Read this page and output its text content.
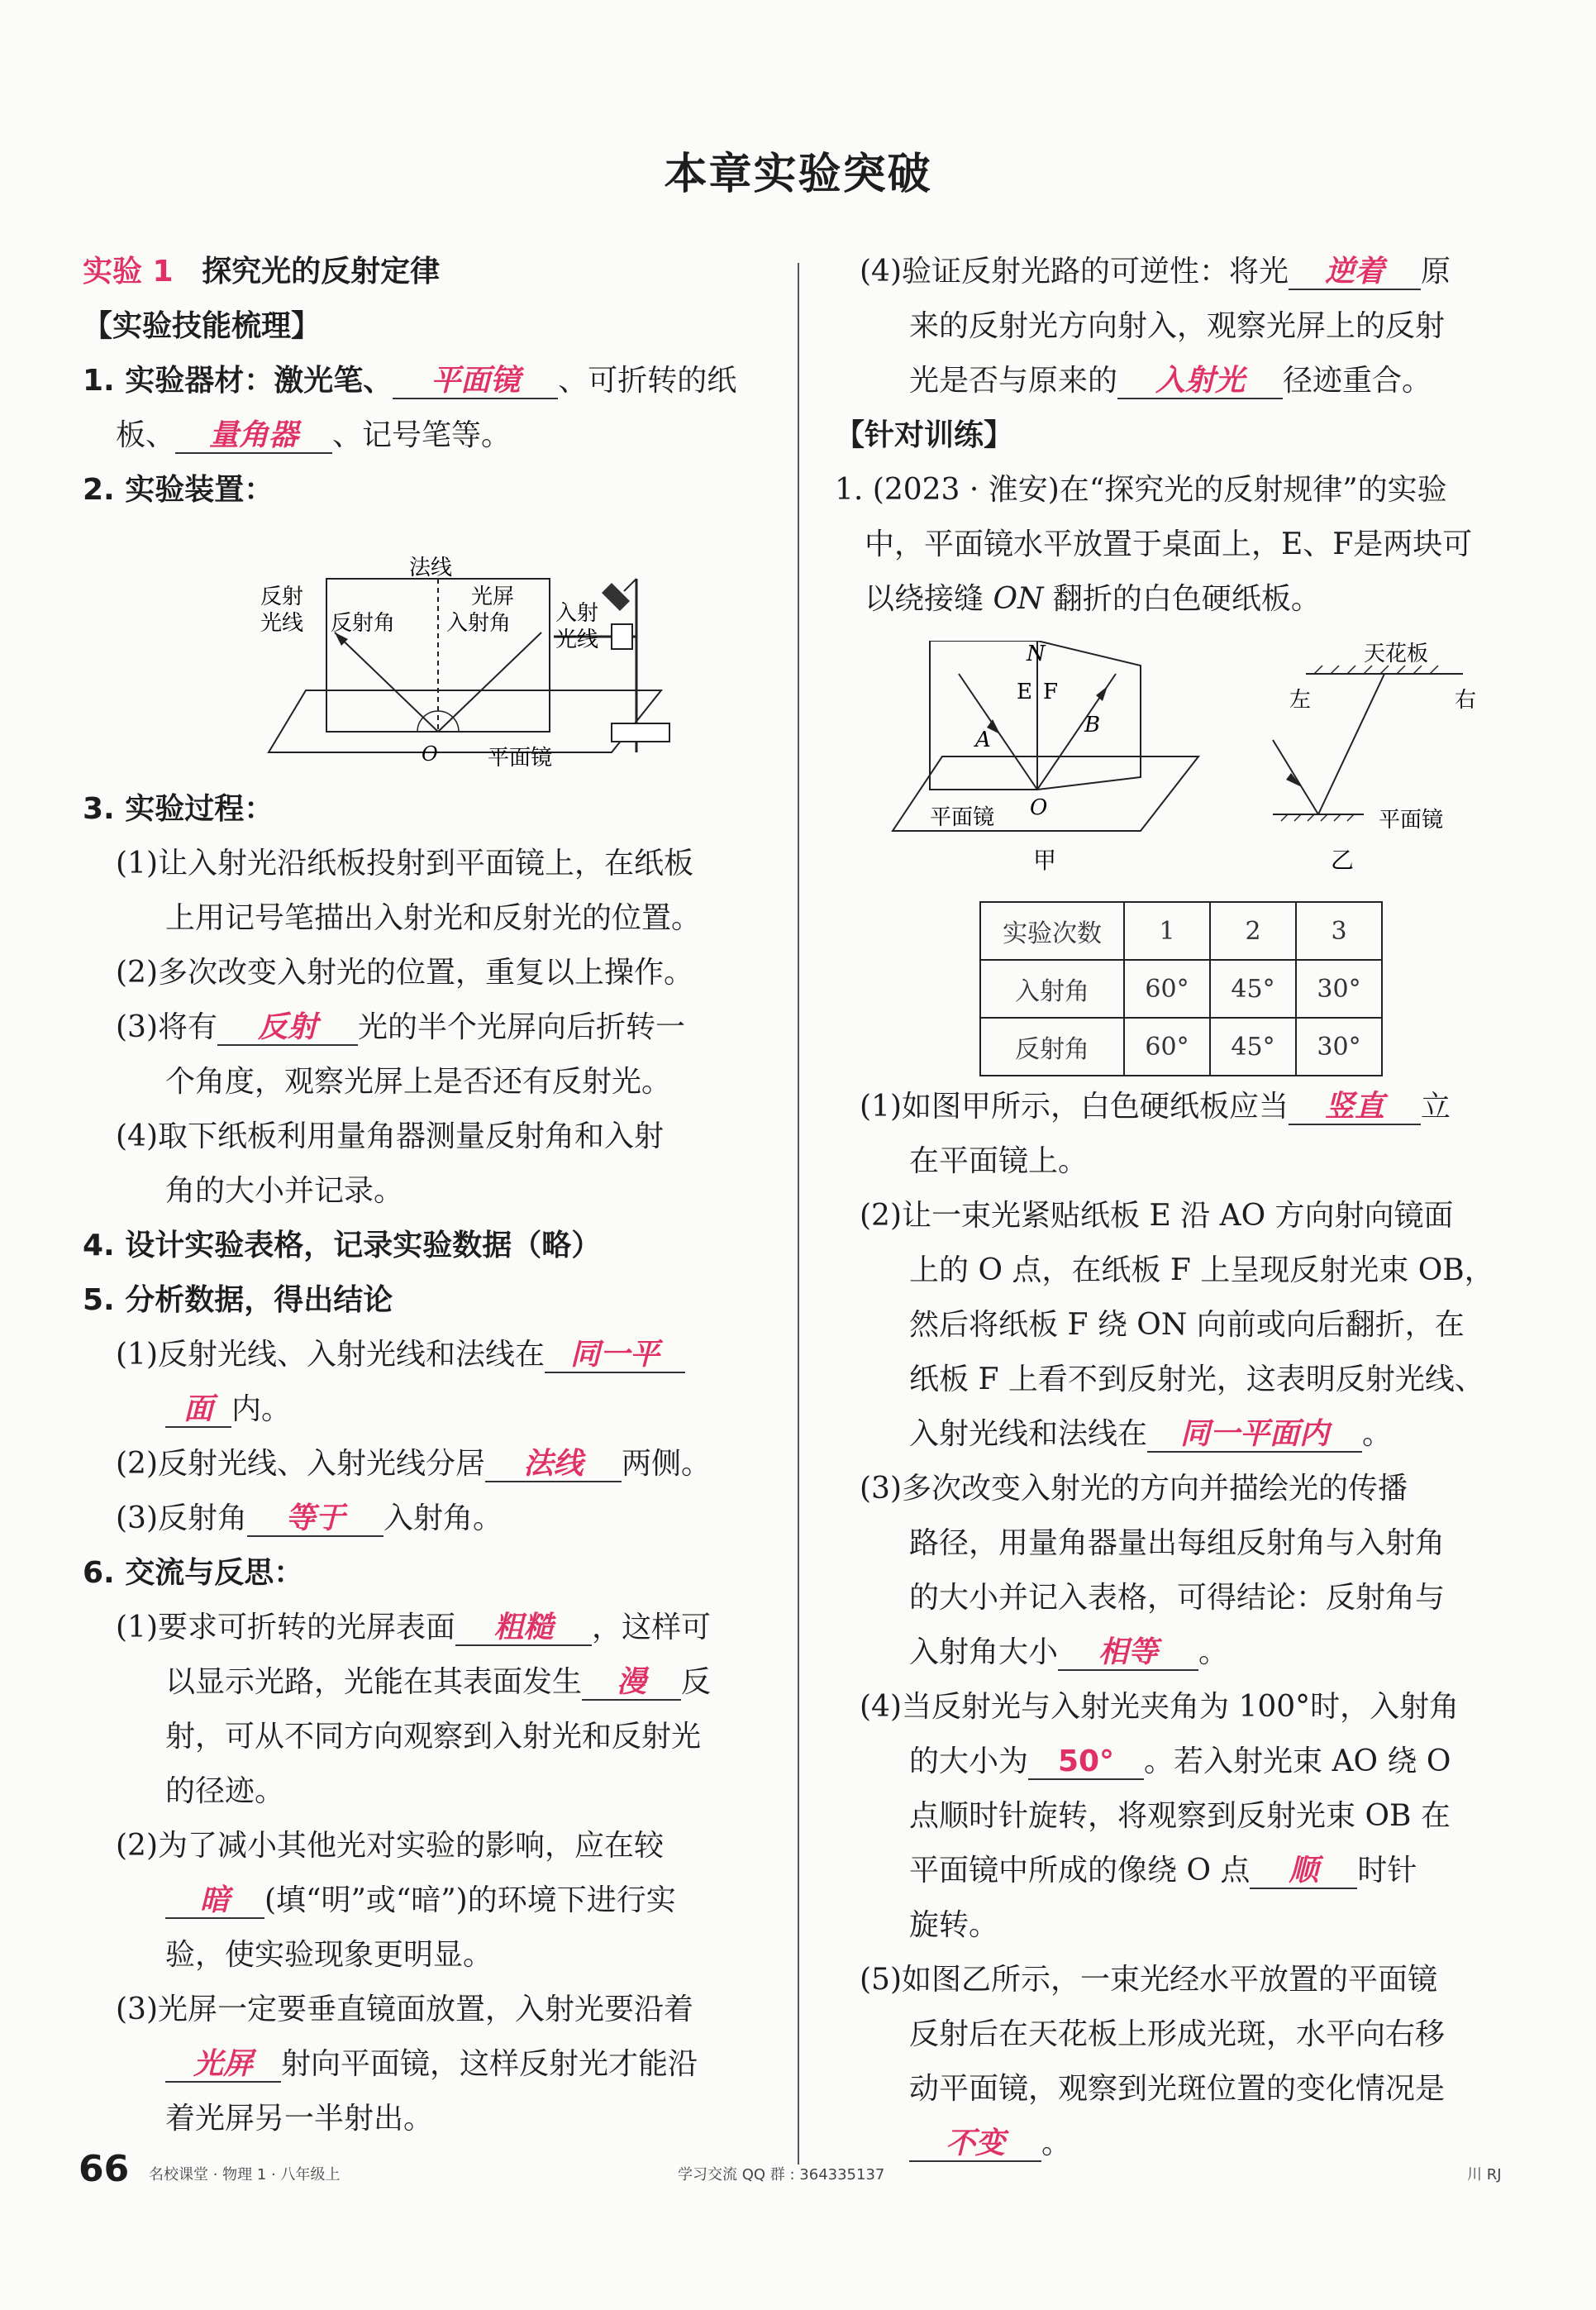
本章实验突破
实验 1 探究光的反射定律
【实验技能梳理】
1. 实验器材：激光笔、 平面镜 、可折转的纸
板、 量角器 、记号笔等。
2. 实验装置：
反射
光线
法线
反射角
光屏
入射角 入射
光线
O 平面镜
3. 实验过程：
(1)让入射光沿纸板投射到平面镜上，在纸板
上用记号笔描出入射光和反射光的位置。
(2)多次改变入射光的位置，重复以上操作。
(3)将有 反射 光的半个光屏向后折转一
个角度，观察光屏上是否还有反射光。
(4)取下纸板利用量角器测量反射角和入射
角的大小并记录。
4. 设计实验表格，记录实验数据（略）
5. 分析数据，得出结论
(1)反射光线、入射光线和法线在 同一平
面 内。
(2)反射光线、入射光线分居 法线 两侧。
(3)反射角 等于 入射角。
6. 交流与反思：
(1)要求可折转的光屏表面 粗糙 ，这样可
以显示光路，光能在其表面发生 漫 反
射，可从不同方向观察到入射光和反射光
的径迹。
(2)为了减小其他光对实验的影响，应在较
暗 (填“明”或“暗”)的环境下进行实
验，使实验现象更明显。
(3)光屏一定要垂直镜面放置，入射光要沿着
光屏 射向平面镜，这样反射光才能沿
着光屏另一半射出。
(4)验证反射光路的可逆性：将光 逆着 原
来的反射光方向射入，观察光屏上的反射
光是否与原来的 入射光 径迹重合。
【针对训练】
1. (2023 · 淮安)在“探究光的反射规律”的实验
中，平面镜水平放置于桌面上，E、F是两块可
以绕接缝 ON 翻折的白色硬纸板。
N
E F
A
B
O
平面镜
甲
天花板
左	右
平面镜
乙
实验次数	1	2	3
入射角	60°	45°	30°
反射角	60°	45°	30°
(1)如图甲所示，白色硬纸板应当 竖直 立
在平面镜上。
(2)让一束光紧贴纸板 E 沿 AO 方向射向镜面
上的 O 点，在纸板 F 上呈现反射光束 OB，
然后将纸板 F 绕 ON 向前或向后翻折，在
纸板 F 上看不到反射光，这表明反射光线、
入射光线和法线在 同一平面内 。
(3)多次改变入射光的方向并描绘光的传播
路径，用量角器量出每组反射角与入射角
的大小并记入表格，可得结论：反射角与
入射角大小 相等 。
(4)当反射光与入射光夹角为 100°时，入射角
的大小为 50° 。若入射光束 AO 绕 O
点顺时针旋转，将观察到反射光束 OB 在
平面镜中所成的像绕 O 点 顺 时针
旋转。
(5)如图乙所示，一束光经水平放置的平面镜
反射后在天花板上形成光斑，水平向右移
动平面镜，观察到光斑位置的变化情况是
不变 。
66 名校课堂 · 物理 1 · 八年级上	学习交流 QQ 群 : 364335137	川 RJ
